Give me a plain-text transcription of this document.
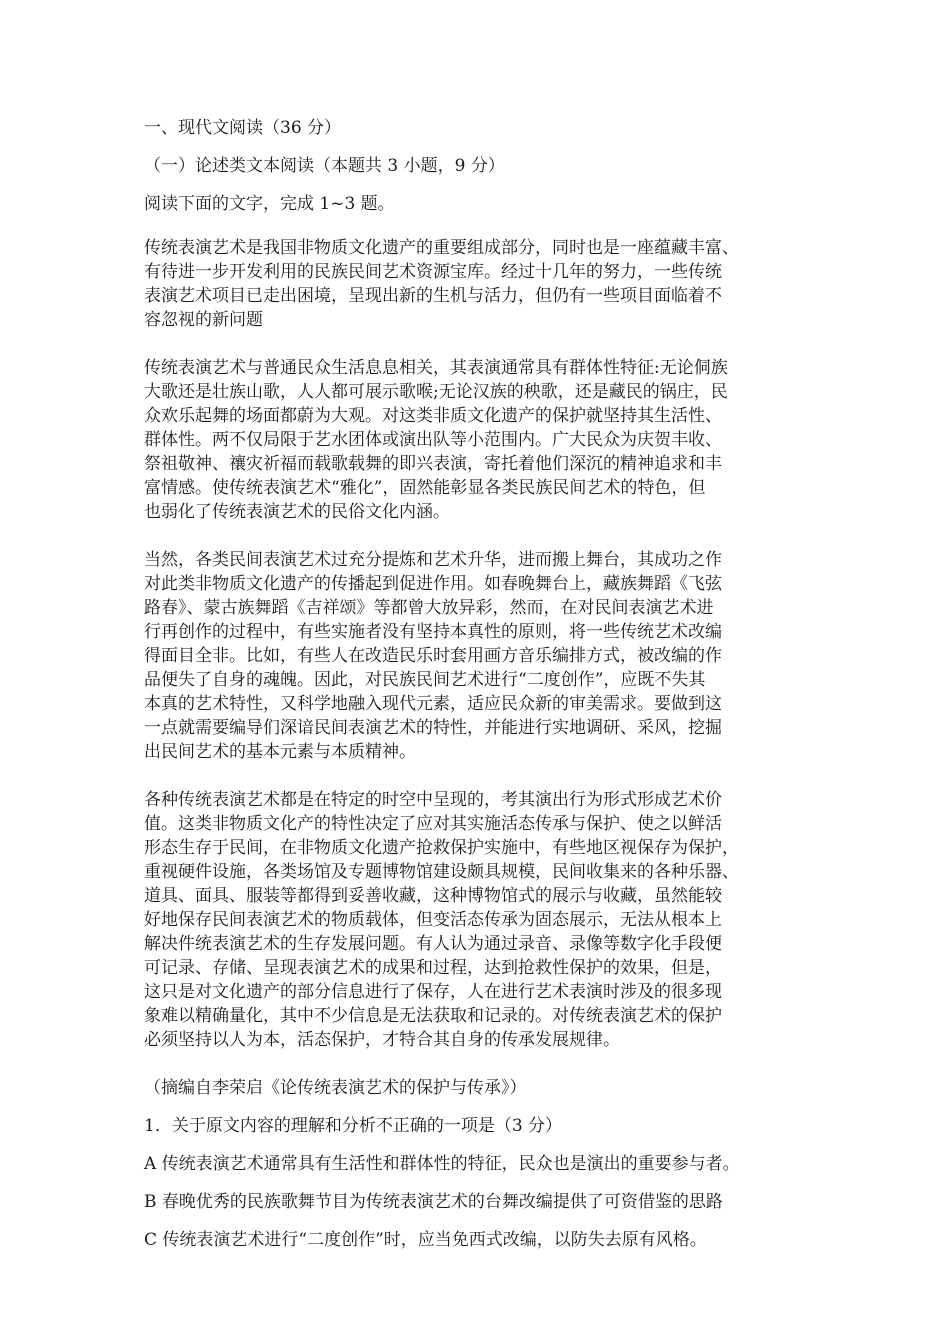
一、现代文阅读（36 分）

（一）论述类文本阅读（本题共 3 小题，9 分）

阅读下面的文字，完成 1~3 题。

传统表演艺术是我国非物质文化遗产的重要组成部分，同时也是一座蕴藏丰富、
有待进一步开发利用的民族民间艺术资源宝库。经过十几年的努力，一些传统
表演艺术项目已走出困境，呈现出新的生机与活力，但仍有一些项目面临着不
容忽视的新问题
传统表演艺术与普通民众生活息息相关，其表演通常具有群体性特征:无论侗族
大歌还是壮族山歌，人人都可展示歌喉;无论汉族的秧歌，还是藏民的锅庄，民
众欢乐起舞的场面都蔚为大观。对这类非质文化遗产的保护就坚持其生活性、
群体性。两不仅局限于艺水团体或演出队等小范围内。广大民众为庆贺丰收、
祭祖敬神、禳灾祈福而载歌载舞的即兴表演，寄托着他们深沉的精神追求和丰
富情感。使传统表演艺术“雅化”，固然能彰显各类民族民间艺术的特色，但
也弱化了传统表演艺术的民俗文化内涵。
当然，各类民间表演艺术过充分提炼和艺术升华，进而搬上舞台，其成功之作
对此类非物质文化遗产的传播起到促进作用。如春晚舞台上，藏族舞蹈《飞弦
路春》、蒙古族舞蹈《吉祥颂》等都曾大放异彩，然而，在对民间表演艺术进
行再创作的过程中，有些实施者没有坚持本真性的原则，将一些传统艺术改编
得面目全非。比如，有些人在改造民乐时套用画方音乐编排方式，被改编的作
品便失了自身的魂魄。因此，对民族民间艺术进行“二度创作”，应既不失其
本真的艺术特性，又科学地融入现代元素，适应民众新的审美需求。要做到这
一点就需要编导们深谙民间表演艺术的特性，并能进行实地调研、采风，挖掘
出民间艺术的基本元素与本质精神。
各种传统表演艺术都是在特定的时空中呈现的，考其演出行为形式形成艺术价
值。这类非物质文化产的特性决定了应对其实施活态传承与保护、使之以鲜活
形态生存于民间，在非物质文化遗产抢救保护实施中，有些地区视保存为保护，
重视硬件设施，各类场馆及专题博物馆建设颇具规模，民间收集来的各种乐器、
道具、面具、服装等都得到妥善收藏，这种博物馆式的展示与收藏，虽然能较
好地保存民间表演艺术的物质载体，但变活态传承为固态展示，无法从根本上
解决件统表演艺术的生存发展问题。有人认为通过录音、录像等数字化手段便
可记录、存储、呈现表演艺术的成果和过程，达到抢救性保护的效果，但是，
这只是对文化遗产的部分信息进行了保存，人在进行艺术表演时涉及的很多现
象难以精确量化，其中不少信息是无法获取和记录的。对传统表演艺术的保护
必须坚持以人为本，活态保护，才特合其自身的传承发展规律。

（摘编自李荣启《论传统表演艺术的保护与传承》）

1．关于原文内容的理解和分析不正确的一项是（3 分）

A 传统表演艺术通常具有生活性和群体性的特征，民众也是演出的重要参与者。

B 春晚优秀的民族歌舞节目为传统表演艺术的台舞改编提供了可资借鉴的思路

C 传统表演艺术进行“二度创作”时，应当免西式改编，以防失去原有风格。
